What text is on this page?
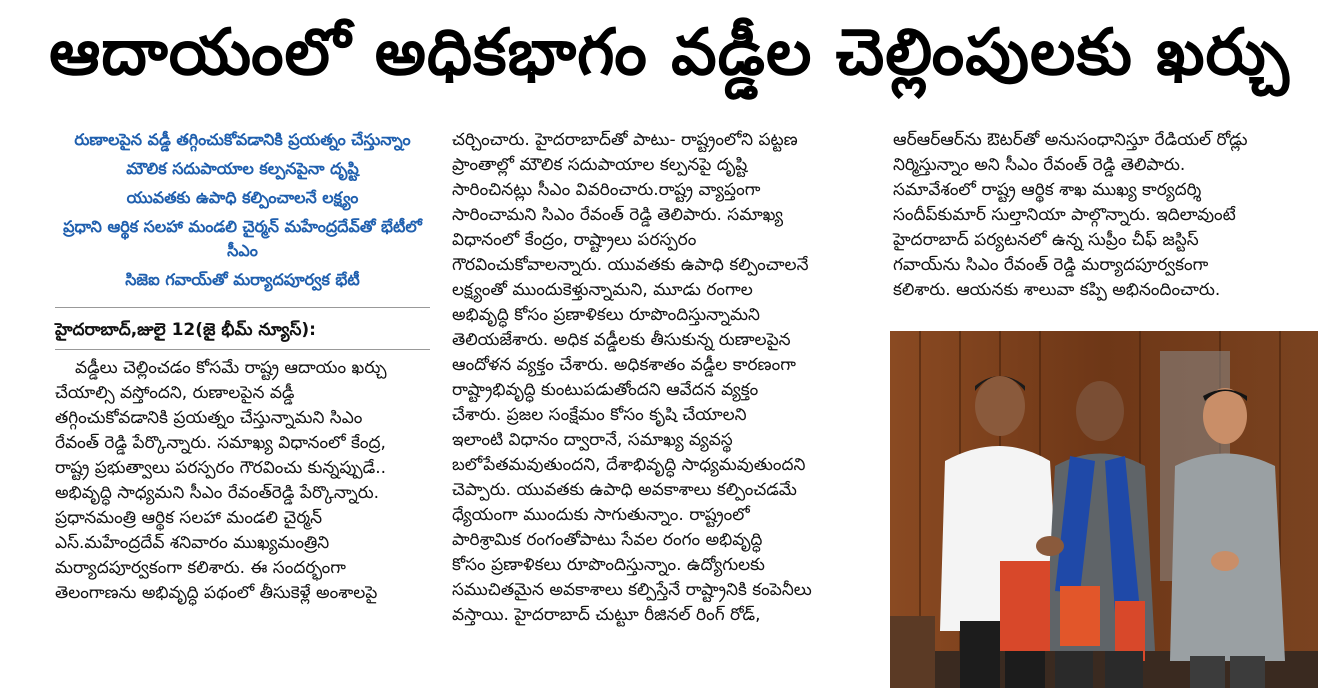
ఆదాయంలో అధికభాగం వడ్డీల చెల్లింపులకు ఖర్చు
రుణాలపైన వడ్డీ తగ్గించుకోవడానికి ప్రయత్నం చేస్తున్నాం
మౌలిక సదుపాయాల కల్పనపైనా దృష్టి
యువతకు ఉపాధి కల్పించాలనే లక్ష్యం
ప్రధాని ఆర్థిక సలహా మండలి చైర్మన్ మహేంద్రదేవ్‌తో భేటీలో సీఎం
సిజెఐ గవాయ్‌తో మర్యాదపూర్వక భేటీ
హైదరాబాద్,జులై 12(జై భీమ్ న్యూస్):
వడ్డీలు చెల్లించడం కోసమే రాష్ట్ర ఆదాయం ఖర్చు
చేయాల్సి వస్తోందని, రుణాలపైన వడ్డీ
తగ్గించుకోవడానికి ప్రయత్నం చేస్తున్నామని సిఎం
రేవంత్ రెడ్డి పేర్కొన్నారు. సమాఖ్య విధానంలో కేంద్ర,
రాష్ట్ర ప్రభుత్వాలు పరస్పరం గౌరవించు కున్నప్పుడే..
అభివృద్ధి సాధ్యమని సీఎం రేవంత్‌రెడ్డి పేర్కొన్నారు.
ప్రధానమంత్రి ఆర్థిక సలహా మండలి చైర్మన్
ఎస్.మహేంద్రదేవ్ శనివారం ముఖ్యమంత్రిని
మర్యాదపూర్వకంగా కలిశారు. ఈ సందర్భంగా
తెలంగాణను అభివృద్ధి పథంలో తీసుకెళ్లే అంశాలపై
చర్చించారు. హైదరాబాద్‌తో పాటు- రాష్ట్రంలోని పట్టణ
ప్రాంతాల్లో మౌలిక సదుపాయాల కల్పనపై దృష్టి
సారించినట్లు సీఎం వివరించారు.రాష్ట్ర వ్యాప్తంగా
సారించామని సిఎం రేవంత్ రెడ్డి తెలిపారు. సమాఖ్య
విధానంలో కేంద్రం, రాష్ట్రాలు పరస్పరం
గౌరవించుకోవాలన్నారు. యువతకు ఉపాధి కల్పించాలనే
లక్ష్యంతో ముందుకెళ్తున్నామని, మూడు రంగాల
అభివృద్ధి కోసం ప్రణాళికలు రూపొందిస్తున్నామని
తెలియజేశారు. అధిక వడ్డీలకు తీసుకున్న రుణాలపైన
ఆందోళన వ్యక్తం చేశారు. అధికశాతం వడ్డీల కారణంగా
రాష్ట్రాభివృద్ధి కుంటుపడుతోందని ఆవేదన వ్యక్తం
చేశారు. ప్రజల సంక్షేమం కోసం కృషి చేయాలని
ఇలాంటి విధానం ద్వారానే, సమాఖ్య వ్యవస్థ
బలోపేతమవుతుందని, దేశాభివృద్ధి సాధ్యమవుతుందని
చెప్పారు. యువతకు ఉపాధి అవకాశాలు కల్పించడమే
ధ్యేయంగా ముందుకు సాగుతున్నాం. రాష్ట్రంలో
పారిశ్రామిక రంగంతోపాటు సేవల రంగం అభివృద్ధి
కోసం ప్రణాళికలు రూపొందిస్తున్నాం. ఉద్యోగులకు
సముచితమైన అవకాశాలు కల్పిస్తేనే రాష్ట్రానికి కంపెనీలు
వస్తాయి. హైదరాబాద్ చుట్టూ రీజినల్ రింగ్ రోడ్,
ఆర్ఆర్ఆర్‌ను ఔటర్‌తో అనుసంధానిస్తూ రేడియల్ రోడ్లు
నిర్మిస్తున్నాం అని సీఎం రేవంత్ రెడ్డి తెలిపారు.
సమావేశంలో రాష్ట్ర ఆర్థిక శాఖ ముఖ్య కార్యదర్శి
సందీప్‌కుమార్ సుల్తానియా పాల్గొన్నారు. ఇదిలావుంటే
హైదరాబాద్ పర్యటనలో ఉన్న సుప్రీం చీఫ్ జస్టిస్
గవాయ్‌ను సిఎం రేవంత్ రెడ్డి మర్యాదపూర్వకంగా
కలిశారు. ఆయనకు శాలువా కప్పి అభినందించారు.
